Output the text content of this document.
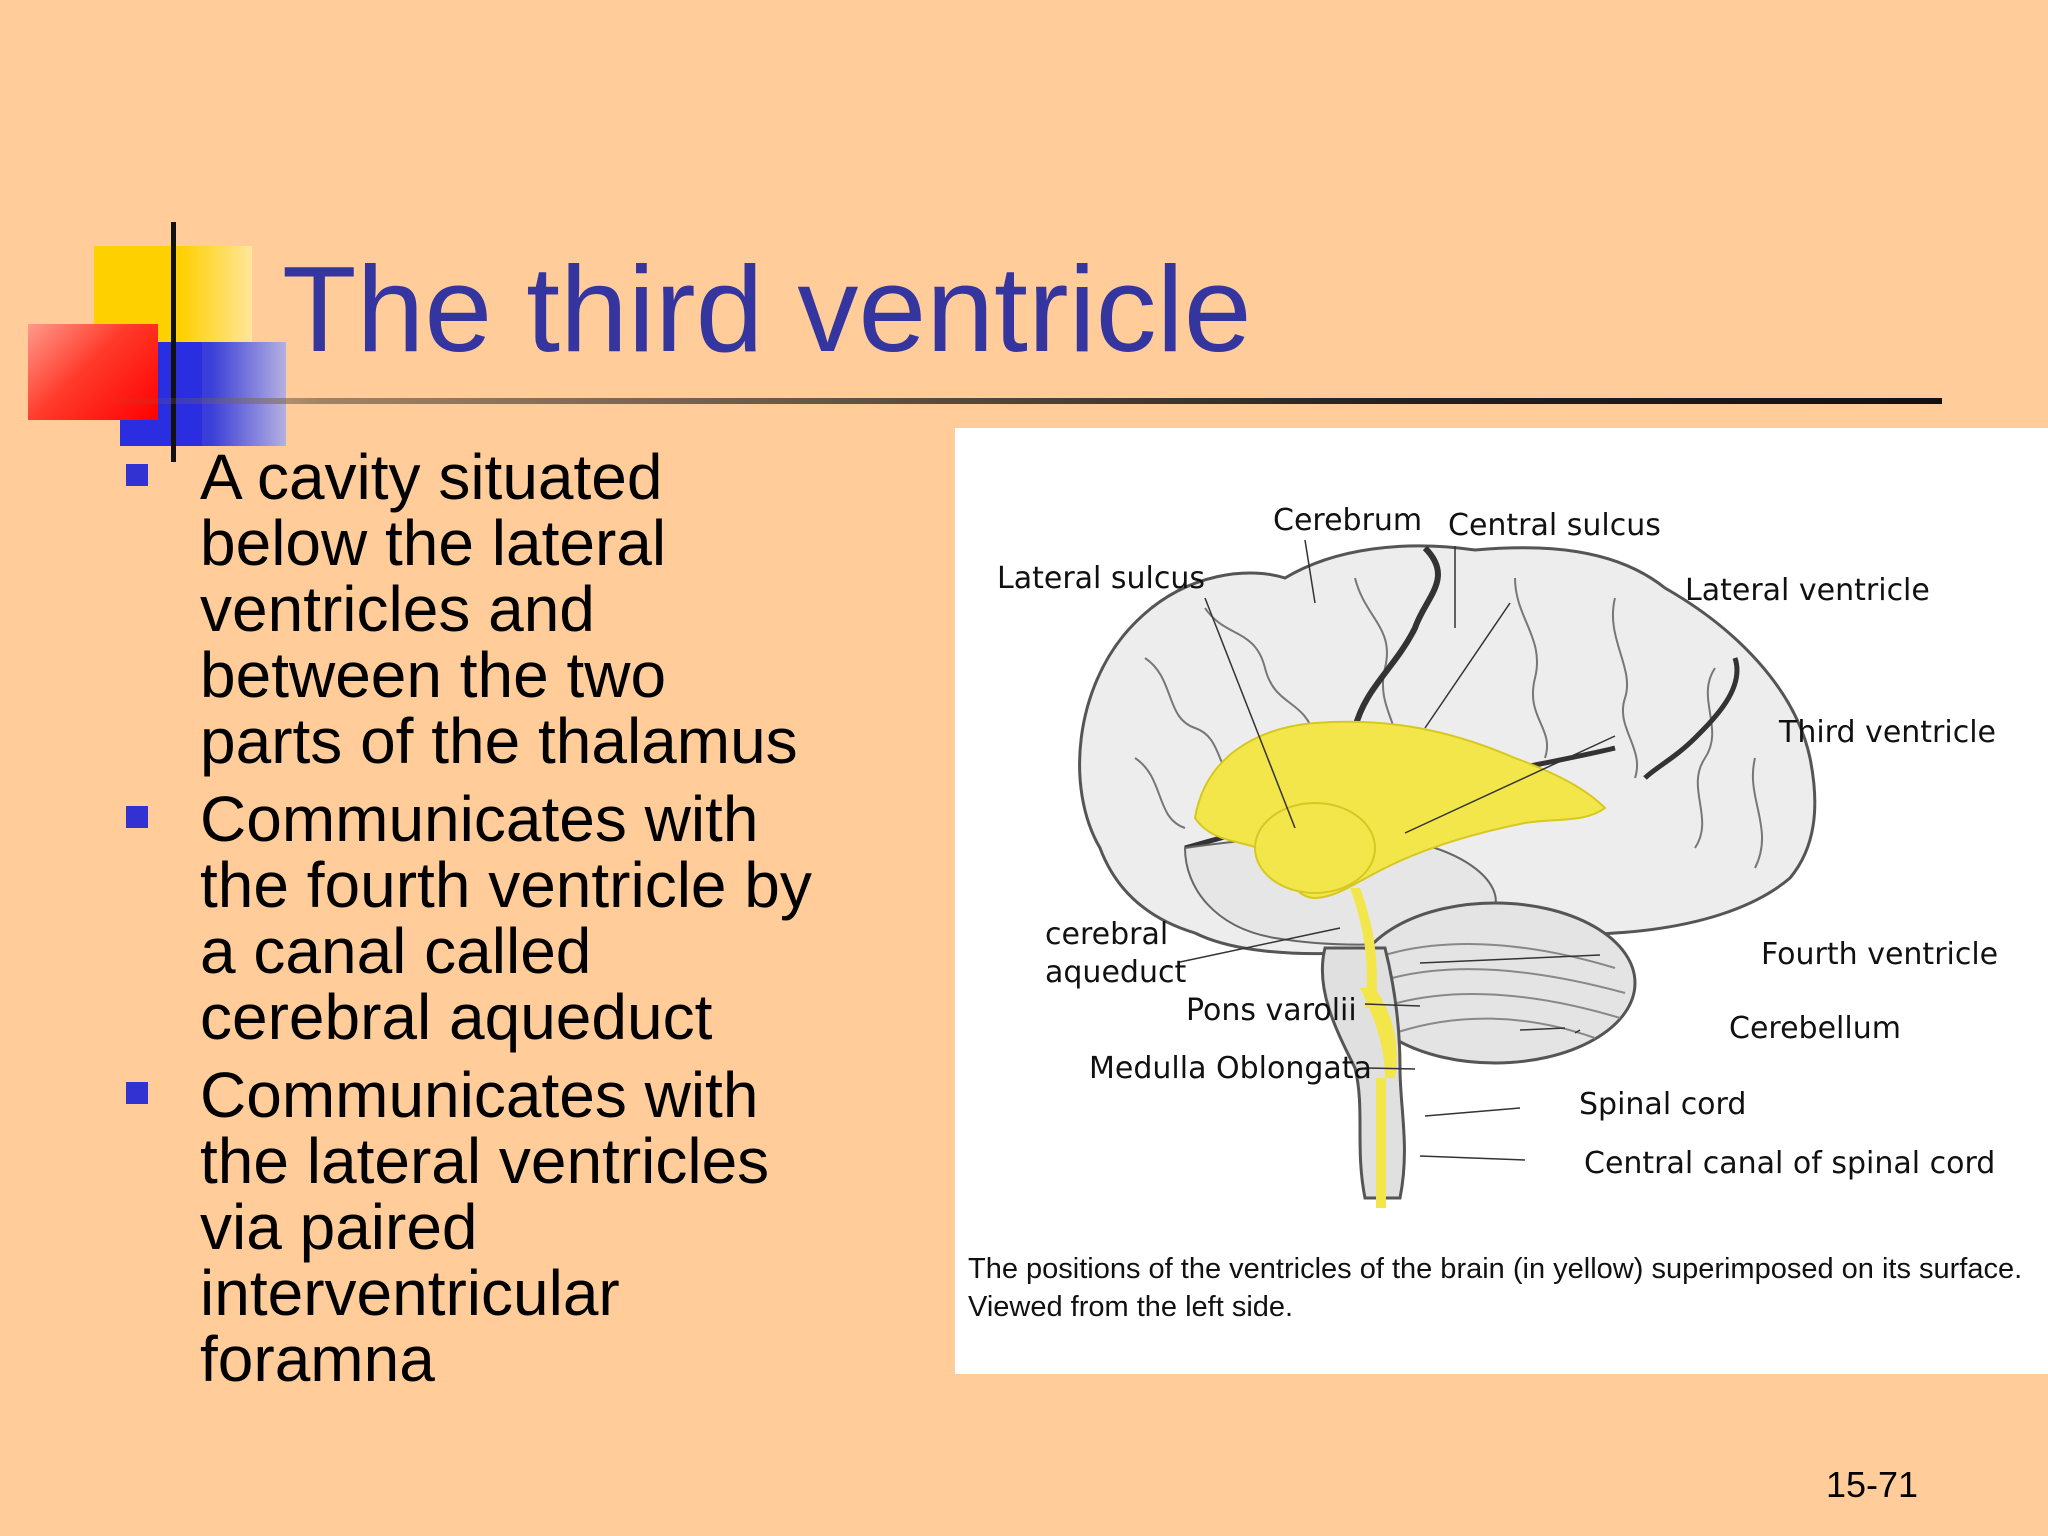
The third ventricle
A cavity situated
below the lateral
ventricles and
between the two
parts of the thalamus
Communicates with
the fourth ventricle by
a canal called
cerebral aqueduct
Communicates with
the lateral ventricles
via paired
interventricular
foramna
Cerebrum Central sulcus
Lateral sulcus	Lateral ventricle
Third ventricle
cerebral
aqueduct
Fourth ventricle
Pons varolii
Cerebellum
Medulla Oblongata
Spinal cord
Central canal of spinal cord
The positions of the ventricles of the brain (in yellow) superimposed on its surface. Viewed from the left side.
15-71
